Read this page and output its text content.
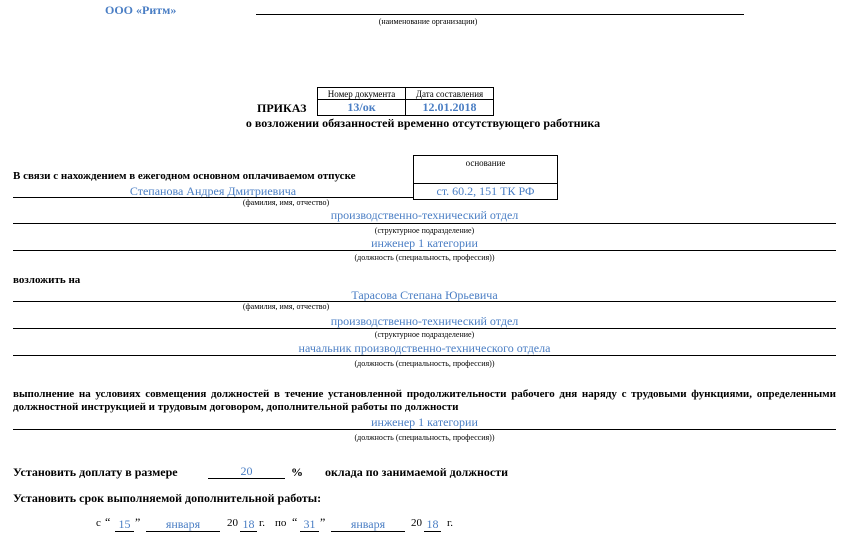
ООО «Ритм»
(наименование организации)
Номер документа	Дата составления
13/ок	12.01.2018
ПРИКАЗ
о возложении обязанностей временно отсутствующего работника
В связи с нахождением в ежегодном основном оплачиваемом отпуске
основание
ст. 60.2, 151 ТК РФ
Степанова Андрея Дмитриевича
(фамилия, имя, отчество)
производственно-технический отдел
(структурное подразделение)
инженер 1 категории
(должность (специальность, профессия))
возложить на
Тарасова Степана Юрьевича
(фамилия, имя, отчество)
производственно-технический отдел
(структурное подразделение)
начальник производственно-технического отдела
(должность (специальность, профессия))
выполнение на условиях совмещения должностей в течение установленной продолжительности рабочего дня наряду с трудовыми функциями, определенными должностной инструкцией и трудовым договором, дополнительной работы по должности
инженер 1 категории
(должность (специальность, профессия))
Установить доплату в размере	20	% оклада по занимаемой должности
Установить срок выполняемой дополнительной работы:
с “ 15 ”	января	20 18 г. по “ 31 ”	января	20 18 г.
